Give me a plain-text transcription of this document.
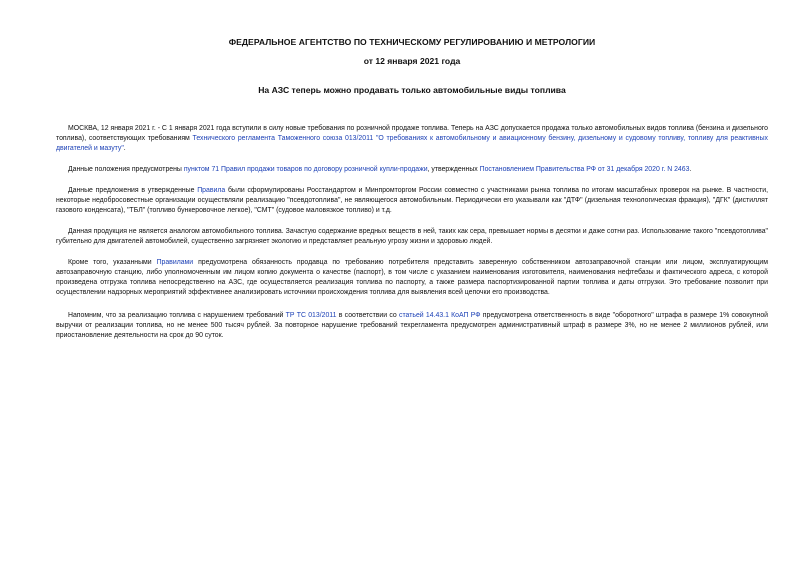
ФЕДЕРАЛЬНОЕ АГЕНТСТВО ПО ТЕХНИЧЕСКОМУ РЕГУЛИРОВАНИЮ И МЕТРОЛОГИИ
от 12 января 2021 года
На АЗС теперь можно продавать только автомобильные виды топлива

МОСКВА, 12 января 2021 г. - С 1 января 2021 года вступили в силу новые требования по розничной продаже топлива. Теперь на АЗС допускается продажа только автомобильных видов топлива (бензина и дизельного топлива), соответствующих требованиям Технического регламента Таможенного союза 013/2011 "О требованиях к автомобильному и авиационному бензину, дизельному и судовому топливу, топливу для реактивных двигателей и мазуту".

Данные положения предусмотрены пунктом 71 Правил продажи товаров по договору розничной купли-продажи, утвержденных Постановлением Правительства РФ от 31 декабря 2020 г. N 2463.

Данные предложения в утвержденные Правила были сформулированы Росстандартом и Минпромторгом России совместно с участниками рынка топлива по итогам масштабных проверок на рынке. В частности, некоторые недобросовестные организации осуществляли реализацию "псевдотоплива", не являющегося автомобильным. Периодически его указывали как "ДТФ" (дизельная технологическая фракция), "ДГК" (дистиллят газового конденсата), "ТБЛ" (топливо бункеровочное легкое), "СМТ" (судовое маловязкое топливо) и т.д.

Данная продукция не является аналогом автомобильного топлива. Зачастую содержание вредных веществ в ней, таких как сера, превышает нормы в десятки и даже сотни раз. Использование такого "псевдотоплива" губительно для двигателей автомобилей, существенно загрязняет экологию и представляет реальную угрозу жизни и здоровью людей.

Кроме того, указанными Правилами предусмотрена обязанность продавца по требованию потребителя представить заверенную собственником автозаправочной станции или лицом, эксплуатирующим автозаправочную станцию, либо уполномоченным им лицом копию документа о качестве (паспорт), в том числе с указанием наименования изготовителя, наименования нефтебазы и фактического адреса, с которой произведена отгрузка топлива непосредственно на АЗС, где осуществляется реализация топлива по паспорту, а также размера паспортизированной партии топлива и даты отгрузки. Это требование позволит при осуществлении надзорных мероприятий эффективнее анализировать источники происхождения топлива для выявления всей цепочки его производства.

Напомним, что за реализацию топлива с нарушением требований ТР ТС 013/2011 в соответствии со статьей 14.43.1 КоАП РФ предусмотрена ответственность в виде "оборотного" штрафа в размере 1% совокупной выручки от реализации топлива, но не менее 500 тысяч рублей. За повторное нарушение требований техрегламента предусмотрен административный штраф в размере 3%, но не менее 2 миллионов рублей, или приостановление деятельности на срок до 90 суток.
